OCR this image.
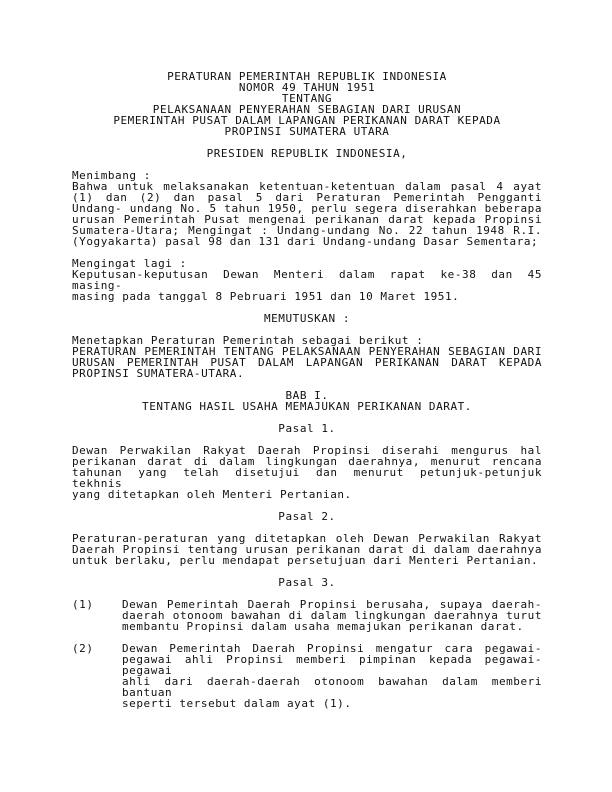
PERATURAN PEMERINTAH REPUBLIK INDONESIA
NOMOR 49 TAHUN 1951
TENTANG
PELAKSANAAN PENYERAHAN SEBAGIAN DARI URUSAN
PEMERINTAH PUSAT DALAM LAPANGAN PERIKANAN DARAT KEPADA
PROPINSI SUMATERA UTARA
PRESIDEN REPUBLIK INDONESIA,
Menimbang :
Bahwa untuk melaksanakan ketentuan-ketentuan dalam pasal 4 ayat
(1) dan (2) dan pasal 5 dari Peraturan Pemerintah Pengganti
Undang- undang No. 5 tahun 1950, perlu segera diserahkan beberapa
urusan Pemerintah Pusat mengenai perikanan darat kepada Propinsi
Sumatera-Utara; Mengingat : Undang-undang No. 22 tahun 1948 R.I.
(Yogyakarta) pasal 98 dan 131 dari Undang-undang Dasar Sementara;
Mengingat lagi :
Keputusan-keputusan Dewan Menteri dalam rapat ke-38 dan 45 masing-
masing pada tanggal 8 Pebruari 1951 dan 10 Maret 1951.
MEMUTUSKAN :
Menetapkan Peraturan Pemerintah sebagai berikut :
PERATURAN PEMERINTAH TENTANG PELAKSANAAN PENYERAHAN SEBAGIAN DARI
URUSAN PEMERINTAH PUSAT DALAM LAPANGAN PERIKANAN DARAT KEPADA
PROPINSI SUMATERA-UTARA.
BAB I.
TENTANG HASIL USAHA MEMAJUKAN PERIKANAN DARAT.
Pasal 1.
Dewan Perwakilan Rakyat Daerah Propinsi diserahi mengurus hal
perikanan darat di dalam lingkungan daerahnya, menurut rencana
tahunan yang telah disetujui dan menurut petunjuk-petunjuk tekhnis
yang ditetapkan oleh Menteri Pertanian.
Pasal 2.
Peraturan-peraturan yang ditetapkan oleh Dewan Perwakilan Rakyat
Daerah Propinsi tentang urusan perikanan darat di dalam daerahnya
untuk berlaku, perlu mendapat persetujuan dari Menteri Pertanian.
Pasal 3.
(1)	Dewan Pemerintah Daerah Propinsi berusaha, supaya daerah-
daerah otonoom bawahan di dalam lingkungan daerahnya turut
membantu Propinsi dalam usaha memajukan perikanan darat.
(2)	Dewan Pemerintah Daerah Propinsi mengatur cara pegawai-
pegawai ahli Propinsi memberi pimpinan kepada pegawai-pegawai
ahli dari daerah-daerah otonoom bawahan dalam memberi bantuan
seperti tersebut dalam ayat (1).
